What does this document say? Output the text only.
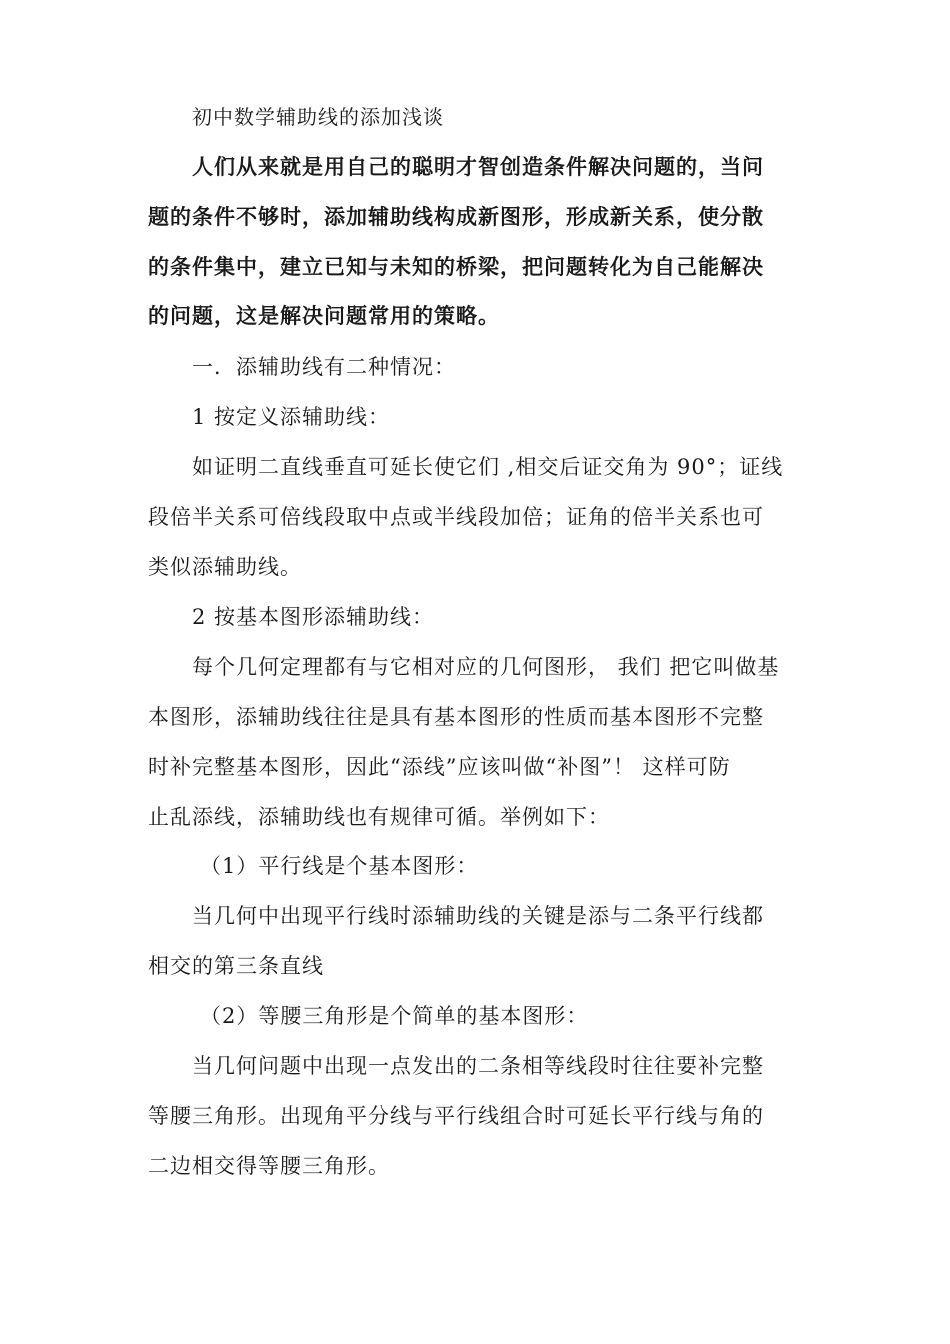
初中数学辅助线的添加浅谈
人们从来就是用自己的聪明才智创造条件解决问题的，当问
题的条件不够时，添加辅助线构成新图形，形成新关系，使分散
的条件集中，建立已知与未知的桥梁，把问题转化为自己能解决
的问题，这是解决问题常用的策略。
一．添辅助线有二种情况：
1 按定义添辅助线：
如证明二直线垂直可延长使它们 ,相交后证交角为 90°；证线
段倍半关系可倍线段取中点或半线段加倍；证角的倍半关系也可
类似添辅助线。
2 按基本图形添辅助线：
每个几何定理都有与它相对应的几何图形， 我们 把它叫做基
本图形，添辅助线往往是具有基本图形的性质而基本图形不完整
时补完整基本图形，因此“添线”应该叫做“补图”！ 这样可防
止乱添线，添辅助线也有规律可循。举例如下：
（1）平行线是个基本图形：
当几何中出现平行线时添辅助线的关键是添与二条平行线都
相交的第三条直线
（2）等腰三角形是个简单的基本图形：
当几何问题中出现一点发出的二条相等线段时往往要补完整
等腰三角形。出现角平分线与平行线组合时可延长平行线与角的
二边相交得等腰三角形。
